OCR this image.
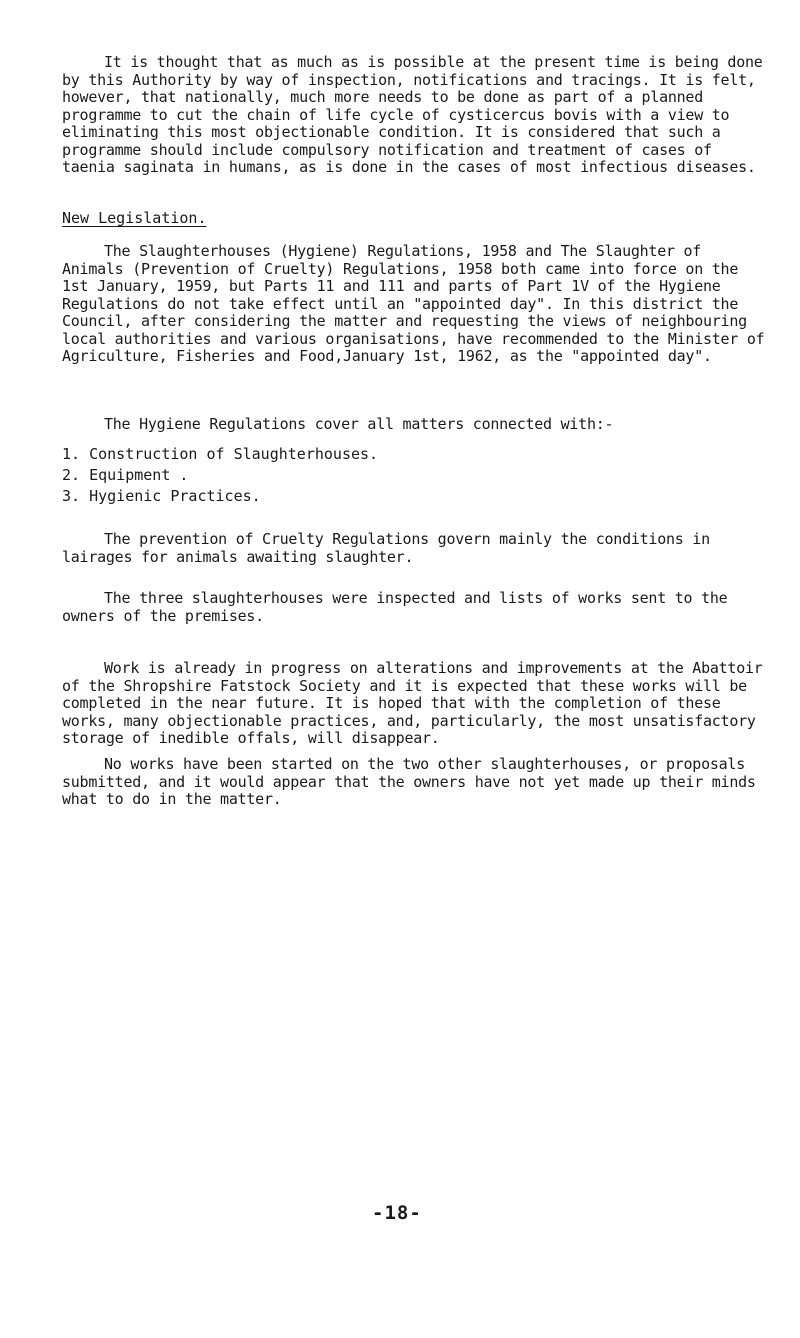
It is thought that as much as is possible at the present time is being done by this Authority by way of inspection, notifications and tracings. It is felt, however, that nationally, much more needs to be done as part of a planned programme to cut the chain of life cycle of cysticercus bovis with a view to eliminating this most objectionable condition. It is considered that such a programme should include compulsory notification and treatment of cases of taenia saginata in humans, as is done in the cases of most infectious diseases.
New Legislation.
The Slaughterhouses (Hygiene) Regulations, 1958 and The Slaughter of Animals (Prevention of Cruelty) Regulations, 1958 both came into force on the 1st January, 1959, but Parts 11 and 111 and parts of Part 1V of the Hygiene Regulations do not take effect until an "appointed day". In this district the Council, after considering the matter and requesting the views of neighbouring local authorities and various organisations, have recommended to the Minister of Agriculture, Fisheries and Food,January 1st, 1962, as the "appointed day".
The Hygiene Regulations cover all matters connected with:-
1. Construction of Slaughterhouses.
2. Equipment .
3. Hygienic Practices.
The prevention of Cruelty Regulations govern mainly the conditions in lairages for animals awaiting slaughter.
The three slaughterhouses were inspected and lists of works sent to the owners of the premises.
Work is already in progress on alterations and improvements at the Abattoir of the Shropshire Fatstock Society and it is expected that these works will be completed in the near future. It is hoped that with the completion of these works, many objectionable practices, and, particularly, the most unsatisfactory storage of inedible offals, will disappear.
No works have been started on the two other slaughterhouses, or proposals submitted, and it would appear that the owners have not yet made up their minds what to do in the matter.
-18-
